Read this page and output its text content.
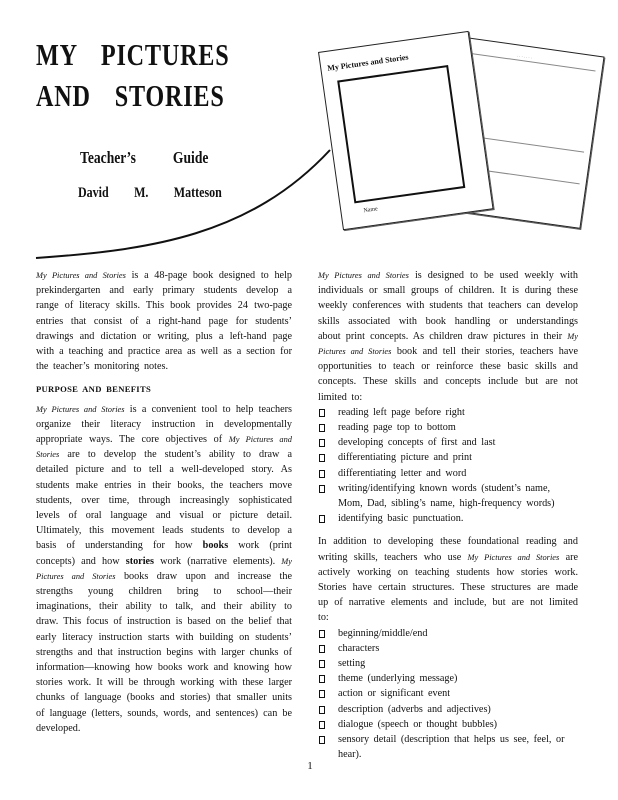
MY PICTURES
AND STORIES
Teacher’s Guide
David M. Matteson
· · · · · · ·
My Pictures and Stories
Name

My Pictures and Stories is a 48-page book designed to help prekindergarten and early primary students develop a range of literacy skills. This book provides 24 two-page entries that consist of a right-hand page for students’ drawings and dictation or writing, plus a left-hand page with a teaching and practice area as well as a section for the teacher’s monitoring notes.

PURPOSE AND BENEFITS

My Pictures and Stories is a convenient tool to help teachers organize their literacy instruction in developmentally appropriate ways. The core objectives of My Pictures and Stories are to develop the student’s ability to draw a detailed picture and to tell a well-developed story. As students make entries in their books, the teachers move students, over time, through increasingly sophisticated levels of oral language and visual or picture detail. Ultimately, this movement leads students to develop a basis of understanding for how books work (print concepts) and how stories work (narrative elements). My Pictures and Stories books draw upon and increase the strengths young children bring to school—their imaginations, their ability to talk, and their ability to draw. This focus of instruction is based on the belief that early literacy instruction starts with building on students’ strengths and that instruction begins with larger chunks of information—knowing how books work and knowing how stories work. It will be through working with these larger chunks of language (books and stories) that smaller units of language (letters, sounds, words, and sentences) can be developed.

My Pictures and Stories is designed to be used weekly with individuals or small groups of children. It is during these weekly conferences with students that teachers can develop skills associated with book handling or understandings about print concepts. As children draw pictures in their My Pictures and Stories book and tell their stories, teachers have opportunities to teach or reinforce these basic skills and concepts. These skills and concepts include but are not limited to:

reading left page before right
reading page top to bottom
developing concepts of first and last
differentiating picture and print
differentiating letter and word
writing/identifying known words (student’s name, Mom, Dad, sibling’s name, high-frequency words)
identifying basic punctuation.

In addition to developing these foundational reading and writing skills, teachers who use My Pictures and Stories are actively working on teaching students how stories work. Stories have certain structures. These structures are made up of narrative elements and include, but are not limited to:

beginning/middle/end
characters
setting
theme (underlying message)
action or significant event
description (adverbs and adjectives)
dialogue (speech or thought bubbles)
sensory detail (description that helps us see, feel, or hear).
1
